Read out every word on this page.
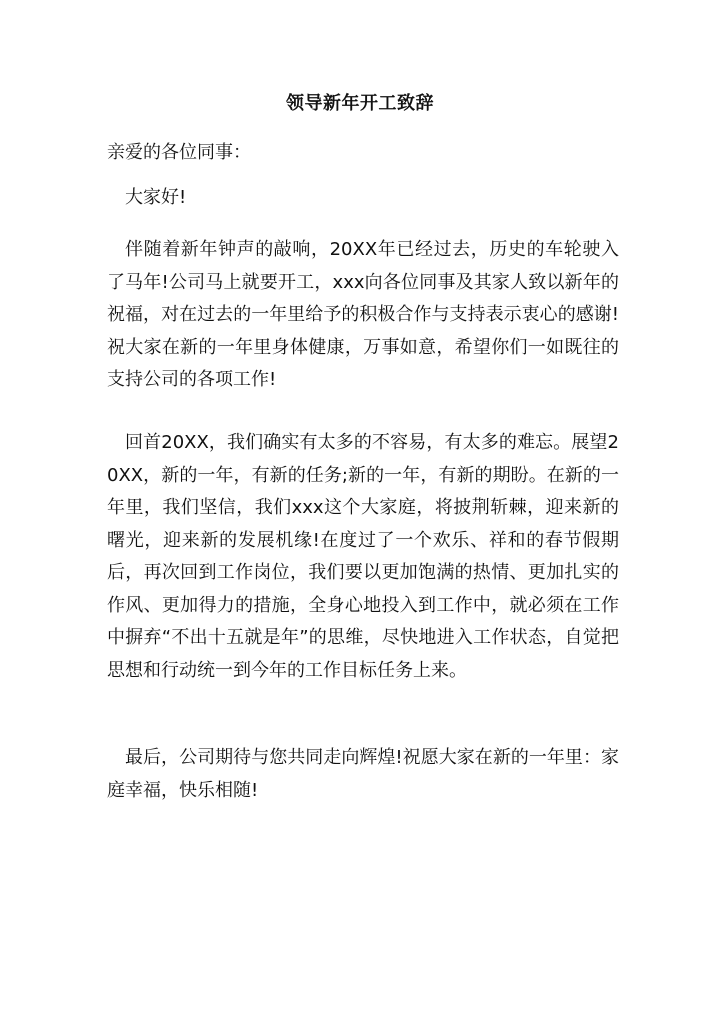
领导新年开工致辞
亲爱的各位同事：

大家好!

伴随着新年钟声的敲响，20XX年已经过去，历史的车轮驶入了马年!公司马上就要开工，xxx向各位同事及其家人致以新年的祝福，对在过去的一年里给予的积极合作与支持表示衷心的感谢!祝大家在新的一年里身体健康，万事如意，希望你们一如既往的支持公司的各项工作!

回首20XX，我们确实有太多的不容易，有太多的难忘。展望20XX，新的一年，有新的任务;新的一年，有新的期盼。在新的一年里，我们坚信，我们xxx这个大家庭，将披荆斩棘，迎来新的曙光，迎来新的发展机缘!在度过了一个欢乐、祥和的春节假期后，再次回到工作岗位，我们要以更加饱满的热情、更加扎实的作风、更加得力的措施，全身心地投入到工作中，就必须在工作中摒弃“不出十五就是年”的思维，尽快地进入工作状态，自觉把思想和行动统一到今年的工作目标任务上来。

最后，公司期待与您共同走向辉煌!祝愿大家在新的一年里：家庭幸福，快乐相随!
